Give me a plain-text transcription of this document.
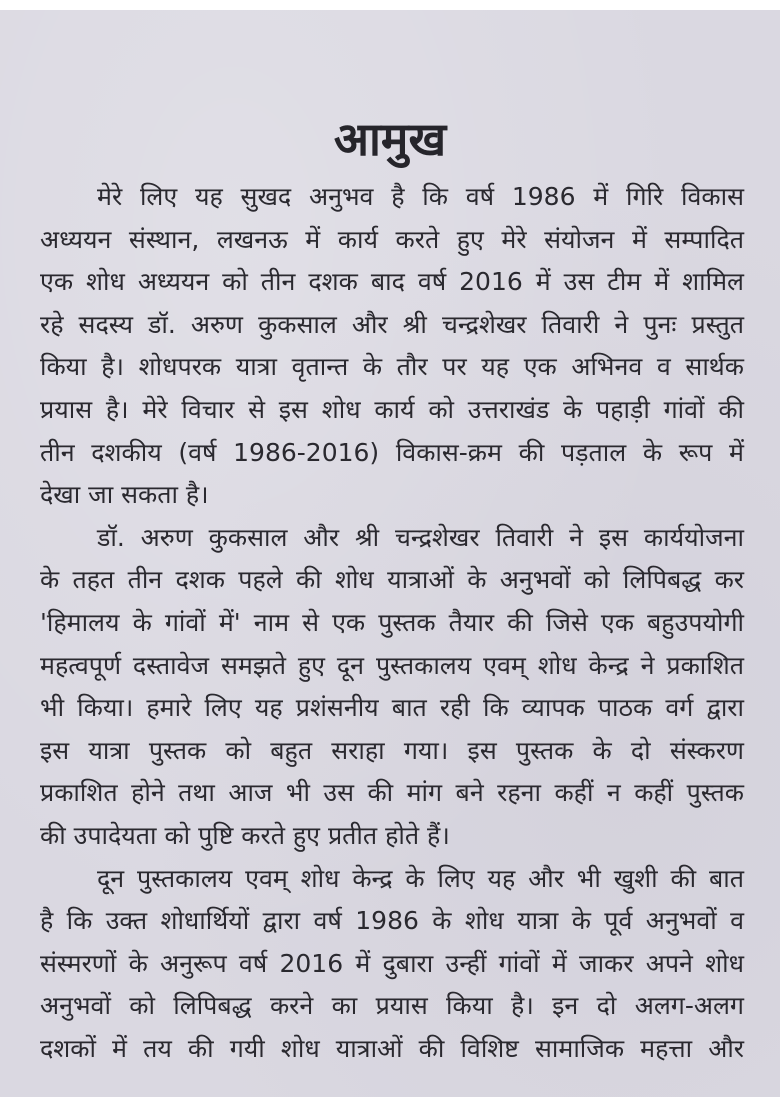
आमुख
मेरे लिए यह सुखद अनुभव है कि वर्ष 1986 में गिरि विकास
अध्ययन संस्थान, लखनऊ में कार्य करते हुए मेरे संयोजन में सम्पादित
एक शोध अध्ययन को तीन दशक बाद वर्ष 2016 में उस टीम में शामिल
रहे सदस्य डॉ. अरुण कुकसाल और श्री चन्द्रशेखर तिवारी ने पुनः प्रस्तुत
किया है। शोधपरक यात्रा वृतान्त के तौर पर यह एक अभिनव व सार्थक
प्रयास है। मेरे विचार से इस शोध कार्य को उत्तराखंड के पहाड़ी गांवों की
तीन दशकीय (वर्ष 1986-2016) विकास-क्रम की पड़ताल के रूप में
देखा जा सकता है।
डॉ. अरुण कुकसाल और श्री चन्द्रशेखर तिवारी ने इस कार्ययोजना
के तहत तीन दशक पहले की शोध यात्राओं के अनुभवों को लिपिबद्ध कर
'हिमालय के गांवों में' नाम से एक पुस्तक तैयार की जिसे एक बहुउपयोगी
महत्वपूर्ण दस्तावेज समझते हुए दून पुस्तकालय एवम् शोध केन्द्र ने प्रकाशित
भी किया। हमारे लिए यह प्रशंसनीय बात रही कि व्यापक पाठक वर्ग द्वारा
इस यात्रा पुस्तक को बहुत सराहा गया। इस पुस्तक के दो संस्करण
प्रकाशित होने तथा आज भी उस की मांग बने रहना कहीं न कहीं पुस्तक
की उपादेयता को पुष्टि करते हुए प्रतीत होते हैं।
दून पुस्तकालय एवम् शोध केन्द्र के लिए यह और भी खुशी की बात
है कि उक्त शोधार्थियों द्वारा वर्ष 1986 के शोध यात्रा के पूर्व अनुभवों व
संस्मरणों के अनुरूप वर्ष 2016 में दुबारा उन्हीं गांवों में जाकर अपने शोध
अनुभवों को लिपिबद्ध करने का प्रयास किया है। इन दो अलग-अलग
दशकों में तय की गयी शोध यात्राओं की विशिष्ट सामाजिक महत्ता और
